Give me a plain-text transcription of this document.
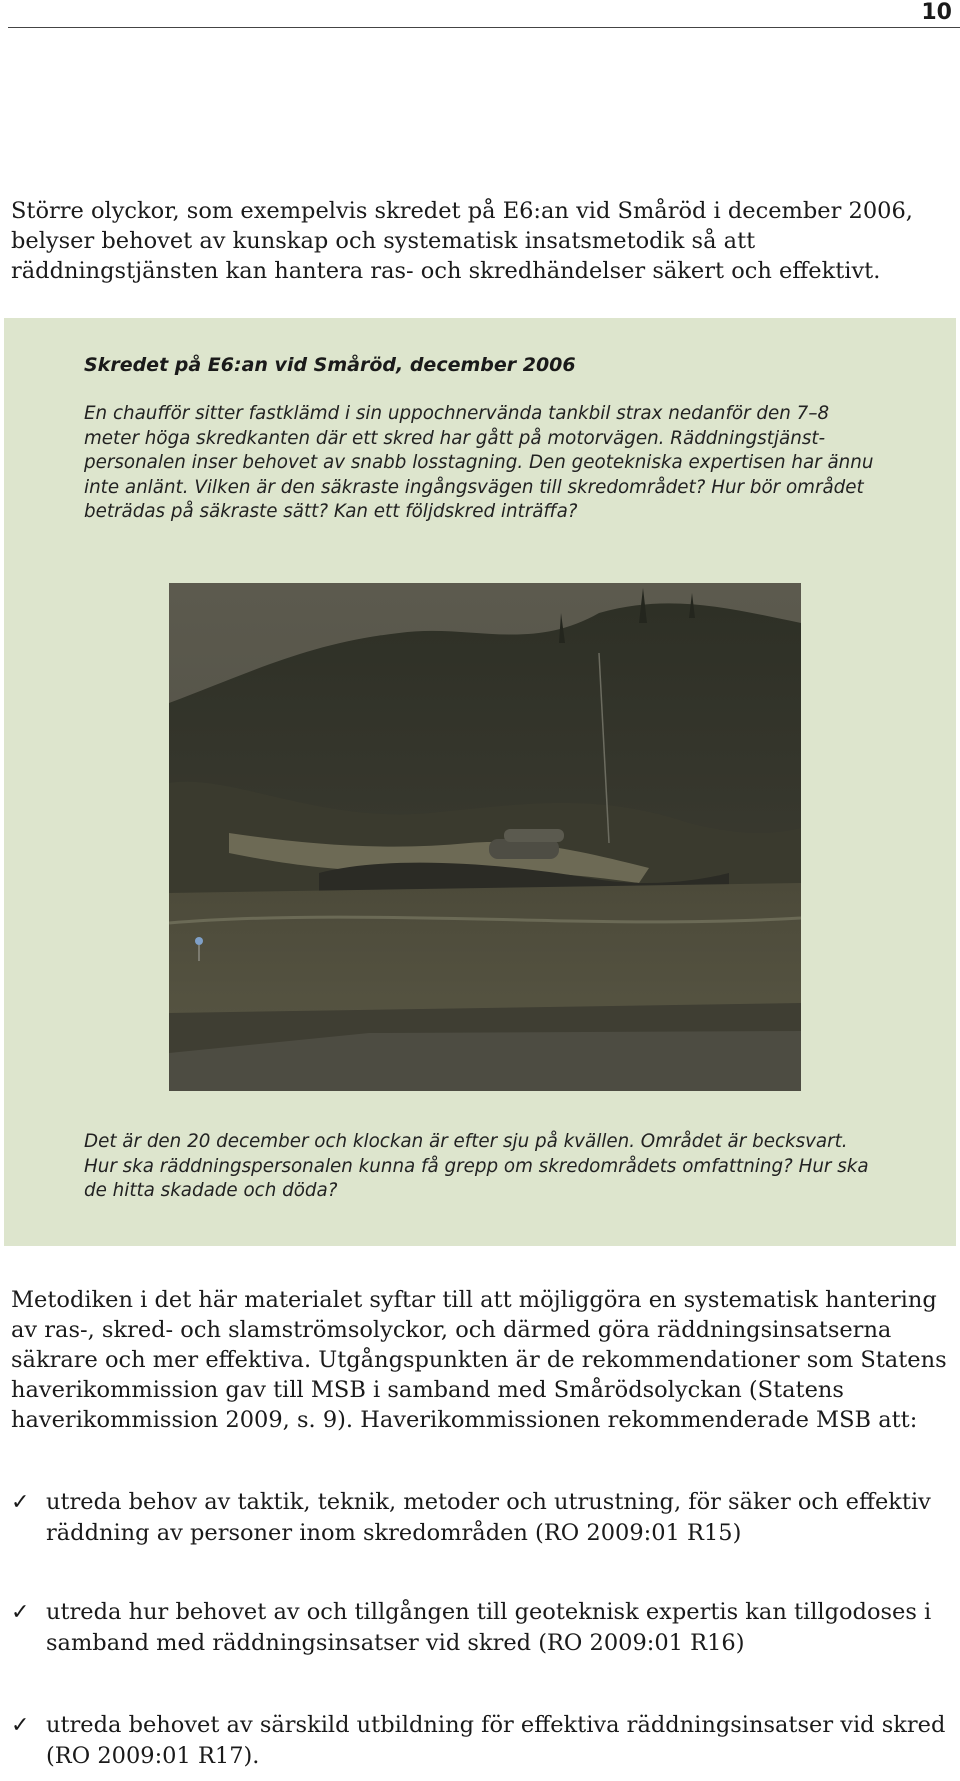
10

Större olyckor, som exempelvis skredet på E6:an vid Småröd i december 2006, belyser behovet av kunskap och systematisk insatsmetodik så att räddningstjänsten kan hantera ras- och skredhändelser säkert och effektivt.

Skredet på E6:an vid Småröd, december 2006

En chaufför sitter fastklämd i sin uppochnervända tankbil strax nedanför den 7–8 meter höga skredkanten där ett skred har gått på motorvägen. Räddningstjänst-personalen inser behovet av snabb losstagning. Den geotekniska expertisen har ännu inte anlänt. Vilken är den säkraste ingångsvägen till skredområdet? Hur bör området beträdas på säkraste sätt? Kan ett följdskred inträffa?

Det är den 20 december och klockan är efter sju på kvällen. Området är becksvart. Hur ska räddningspersonalen kunna få grepp om skredområdets omfattning? Hur ska de hitta skadade och döda?

Metodiken i det här materialet syftar till att möjliggöra en systematisk hantering av ras-, skred- och slamströmsolyckor, och därmed göra räddningsinsatserna säkrare och mer effektiva. Utgångspunkten är de rekommendationer som Statens haverikommission gav till MSB i samband med Smårödsolyckan (Statens haverikommission 2009, s. 9). Haverikommissionen rekommenderade MSB att:

✓ utreda behov av taktik, teknik, metoder och utrustning, för säker och effektiv räddning av personer inom skredområden (RO 2009:01 R15)
✓ utreda hur behovet av och tillgången till geoteknisk expertis kan tillgodoses i samband med räddningsinsatser vid skred (RO 2009:01 R16)
✓ utreda behovet av särskild utbildning för effektiva räddningsinsatser vid skred (RO 2009:01 R17).
